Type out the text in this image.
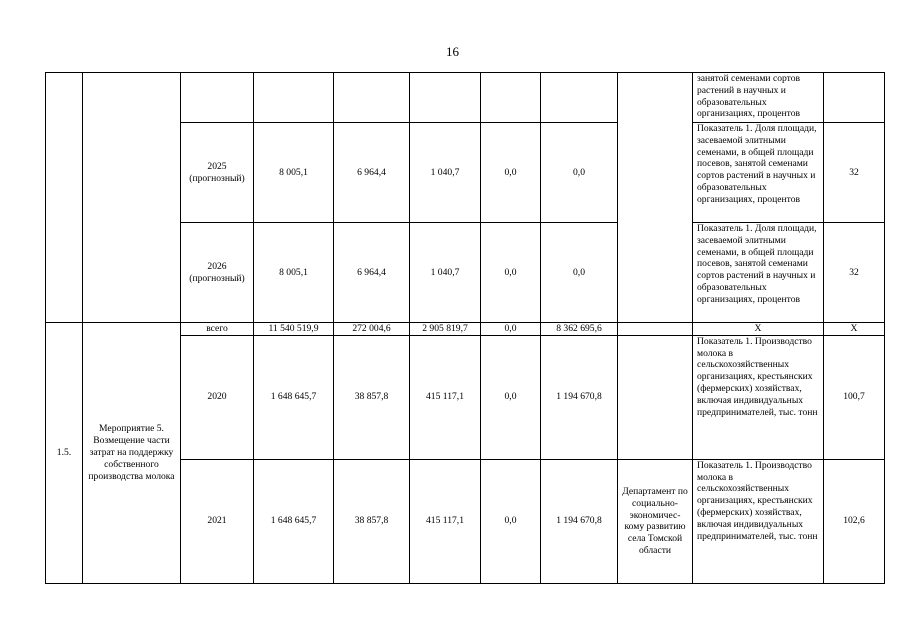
16
									занятой семенами сортов растений в научных и образовательных организациях, процентов	
		2025 (прогнозный)	8 005,1	6 964,4	1 040,7	0,0	0,0		Показатель 1. Доля площади, засеваемой элитными семенами, в общей площади посевов, занятой семенами сортов растений в научных и образовательных организациях, процентов	32
		2026 (прогнозный)	8 005,1	6 964,4	1 040,7	0,0	0,0		Показатель 1. Доля площади, засеваемой элитными семенами, в общей площади посевов, занятой семенами сортов растений в научных и образовательных организациях, процентов	32
1.5.	Мероприятие 5. Возмещение части затрат на поддержку собственного производства молока	всего	11 540 519,9	272 004,6	2 905 819,7	0,0	8 362 695,6		Х	Х
		2020	1 648 645,7	38 857,8	415 117,1	0,0	1 194 670,8		Показатель 1. Производство молока в сельскохозяйственных организациях, крестьянских (фермерских) хозяйствах, включая индивидуальных предпринимателей, тыс. тонн	100,7
		2021	1 648 645,7	38 857,8	415 117,1	0,0	1 194 670,8	Департамент по социально-экономичес-кому развитию села Томской области	Показатель 1. Производство молока в сельскохозяйственных организациях, крестьянских (фермерских) хозяйствах, включая индивидуальных предпринимателей, тыс. тонн	102,6
